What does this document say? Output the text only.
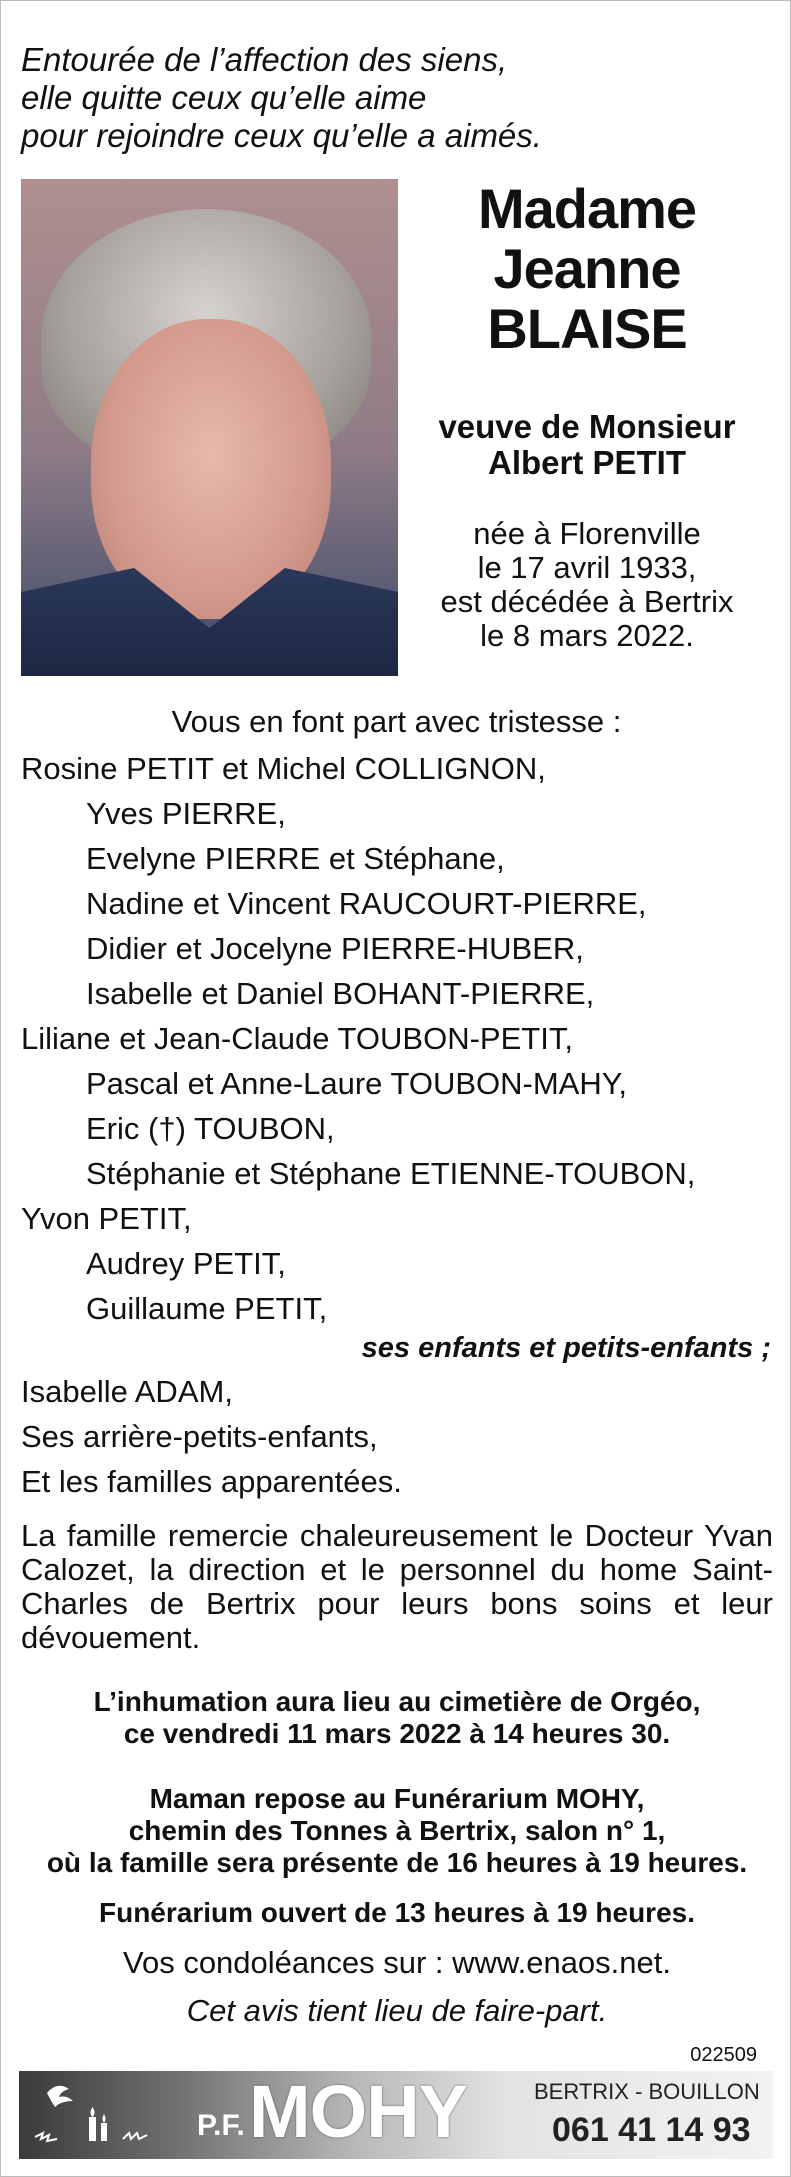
Entourée de l’affection des siens,
elle quitte ceux qu’elle aime
pour rejoindre ceux qu’elle a aimés.
Madame
Jeanne
BLAISE
veuve de Monsieur
Albert PETIT
née à Florenville
le 17 avril 1933,
est décédée à Bertrix
le 8 mars 2022.
Vous en font part avec tristesse :
Rosine PETIT et Michel COLLIGNON,
Yves PIERRE,
Evelyne PIERRE et Stéphane,
Nadine et Vincent RAUCOURT-PIERRE,
Didier et Jocelyne PIERRE-HUBER,
Isabelle et Daniel BOHANT-PIERRE,
Liliane et Jean-Claude TOUBON-PETIT,
Pascal et Anne-Laure TOUBON-MAHY,
Eric (†) TOUBON,
Stéphanie et Stéphane ETIENNE-TOUBON,
Yvon PETIT,
Audrey PETIT,
Guillaume PETIT,
ses enfants et petits-enfants ;
Isabelle ADAM,
Ses arrière-petits-enfants,
Et les familles apparentées.
La famille remercie chaleureusement le Docteur Yvan Calozet, la direction et le personnel du home Saint-Charles de Bertrix pour leurs bons soins et leur dévouement.
L’inhumation aura lieu au cimetière de Orgéo,
ce vendredi 11 mars 2022 à 14 heures 30.
Maman repose au Funérarium MOHY,
chemin des Tonnes à Bertrix, salon n° 1,
où la famille sera présente de 16 heures à 19 heures.
Funérarium ouvert de 13 heures à 19 heures.
Vos condoléances sur : www.enaos.net.
Cet avis tient lieu de faire-part.
022509
P.F. MOHY	BERTRIX - BOUILLON
061 41 14 93
